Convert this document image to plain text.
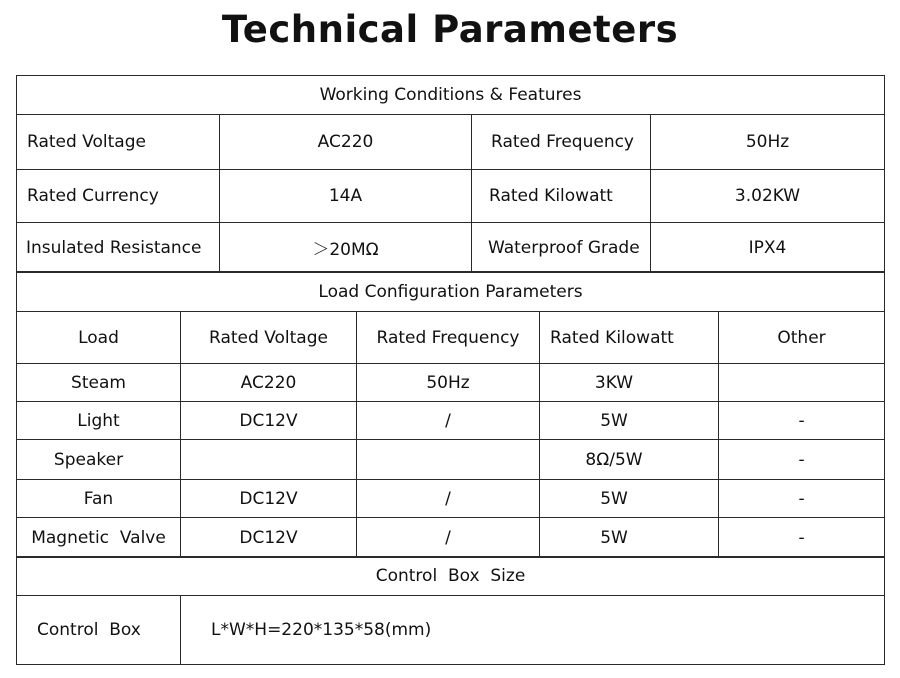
Technical Parameters
Working Conditions & Features			
Rated Voltage	AC220	Rated Frequency	50Hz
Rated Currency	14A	Rated Kilowatt	3.02KW
Insulated Resistance	＞20MΩ	Waterproof Grade	IPX4
Load Configuration Parameters				
Load	Rated Voltage	Rated Frequency	Rated Kilowatt	Other
Steam	AC220	50Hz	3KW	
Light	DC12V	/	5W	-
Speaker			8Ω/5W	-
Fan	DC12V	/	5W	-
Magnetic  Valve	DC12V	/	5W	-
Control  Box  Size
Control  Box	L*W*H=220*135*58(mm)
